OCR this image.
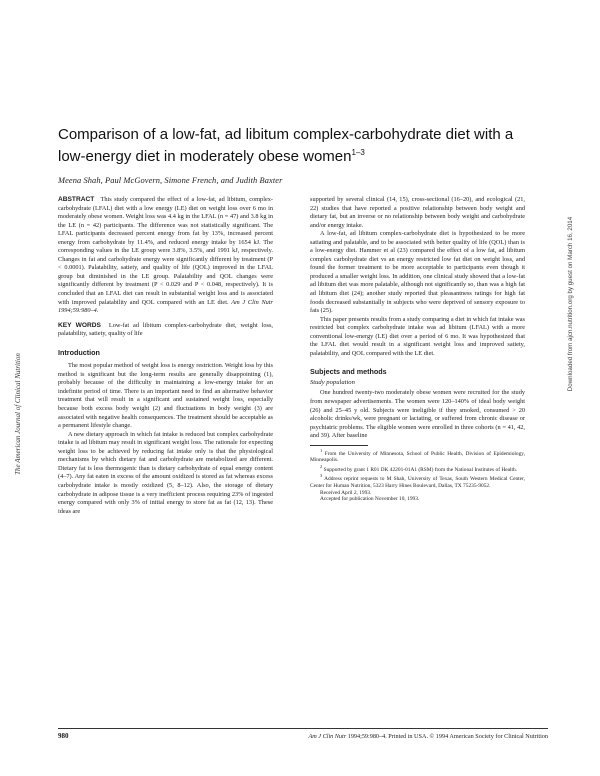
Comparison of a low-fat, ad libitum complex-carbohydrate diet with a low-energy diet in moderately obese women$^{1-3}$
Meena Shah, Paul McGovern, Simone French, and Judith Baxter
The American Journal of Clinical Nutrition
Downloaded from ajcn.nutrition.org by guest on March 16, 2014

ABSTRACT This study compared the effect of a low-fat, ad libitum, complex-carbohydrate (LFAL) diet with a low energy (LE) diet on weight loss over 6 mo in moderately obese women. Weight loss was 4.4 kg in the LFAL (n = 47) and 3.8 kg in the LE (n = 42) participants. The difference was not statistically significant. The LFAL participants decreased percent energy from fat by 13%, increased percent energy from carbohydrate by 11.4%, and reduced energy intake by 1654 kJ. The corresponding values in the LE group were 3.8%, 3.5%, and 1991 kJ, respectively. Changes in fat and carbohydrate energy were significantly different by treatment (P < 0.0001). Palatability, satiety, and quality of life (QOL) improved in the LFAL group but diminished in the LE group. Palatability and QOL changes were significantly different by treatment (P < 0.029 and P < 0.048, respectively). It is concluded that an LFAL diet can result in substantial weight loss and is associated with improved palatability and QOL compared with an LE diet. Am J Clin Nutr 1994;59:980–4.

KEY WORDS Low-fat ad libitum complex-carbohydrate diet, weight loss, palatability, satiety, quality of life

Introduction

The most popular method of weight loss is energy restriction. Weight loss by this method is significant but the long-term results are generally disappointing (1), probably because of the difficulty in maintaining a low-energy intake for an indefinite period of time. There is an important need to find an alternative behavior treatment that will result in a significant and sustained weight loss, especially because both excess body weight (2) and fluctuations in body weight (3) are associated with negative health consequences. The treatment should be acceptable as a permanent lifestyle change.

A new dietary approach in which fat intake is reduced but complex carbohydrate intake is ad libitum may result in significant weight loss. The rationale for expecting weight loss to be achieved by reducing fat intake only is that the physiological mechanisms by which dietary fat and carbohydrate are metabolized are different. Dietary fat is less thermogenic than is dietary carbohydrate of equal energy content (4–7). Any fat eaten in excess of the amount oxidized is stored as fat whereas excess carbohydrate intake is mostly oxidized (5, 8–12). Also, the storage of dietary carbohydrate in adipose tissue is a very inefficient process requiring 23% of ingested energy compared with only 3% of initial energy to store fat as fat (12, 13). These ideas are

supported by several clinical (14, 15), cross-sectional (16–20), and ecological (21, 22) studies that have reported a positive relationship between body weight and dietary fat, but an inverse or no relationship between body weight and carbohydrate and/or energy intake.

A low-fat, ad libitum complex-carbohydrate diet is hypothesized to be more satiating and palatable, and to be associated with better quality of life (QOL) than is a low-energy diet. Hammer et al (23) compared the effect of a low fat, ad libitum complex carbohydrate diet vs an energy restricted low fat diet on weight loss, and found the former treatment to be more acceptable to participants even though it produced a smaller weight loss. In addition, one clinical study showed that a low-fat ad libitum diet was more palatable, although not significantly so, than was a high fat ad libitum diet (24); another study reported that pleasantness ratings for high fat foods decreased substantially in subjects who were deprived of sensory exposure to fats (25).

This paper presents results from a study comparing a diet in which fat intake was restricted but complex carbohydrate intake was ad libitum (LFAL) with a more conventional low-energy (LE) diet over a period of 6 mo. It was hypothesized that the LFAL diet would result in a significant weight loss and improved satiety, palatability, and QOL compared with the LE diet.

Subjects and methods
Study population

One hundred twenty-two moderately obese women were recruited for the study from newspaper advertisements. The women were 120–140% of ideal body weight (26) and 25–45 y old. Subjects were ineligible if they smoked, consumed > 20 alcoholic drinks/wk, were pregnant or lactating, or suffered from chronic disease or psychiatric problems. The eligible women were enrolled in three cohorts (n = 41, 42, and 39). After baseline

$^1$ From the University of Minnesota, School of Public Health, Division of Epidemiology, Minneapolis.

$^2$ Supported by grant 1 R01 DK 42201-01A1 (RSM) from the National Institutes of Health.

$^3$ Address reprint requests to M Shah, University of Texas, South Western Medical Center, Center for Human Nutrition, 5323 Harry Hines Boulevard, Dallas, TX 75235-9052.

Received April 2, 1993.

Accepted for publication November 10, 1993.

980	Am J Clin Nutr 1994;59:980–4. Printed in USA. © 1994 American Society for Clinical Nutrition
